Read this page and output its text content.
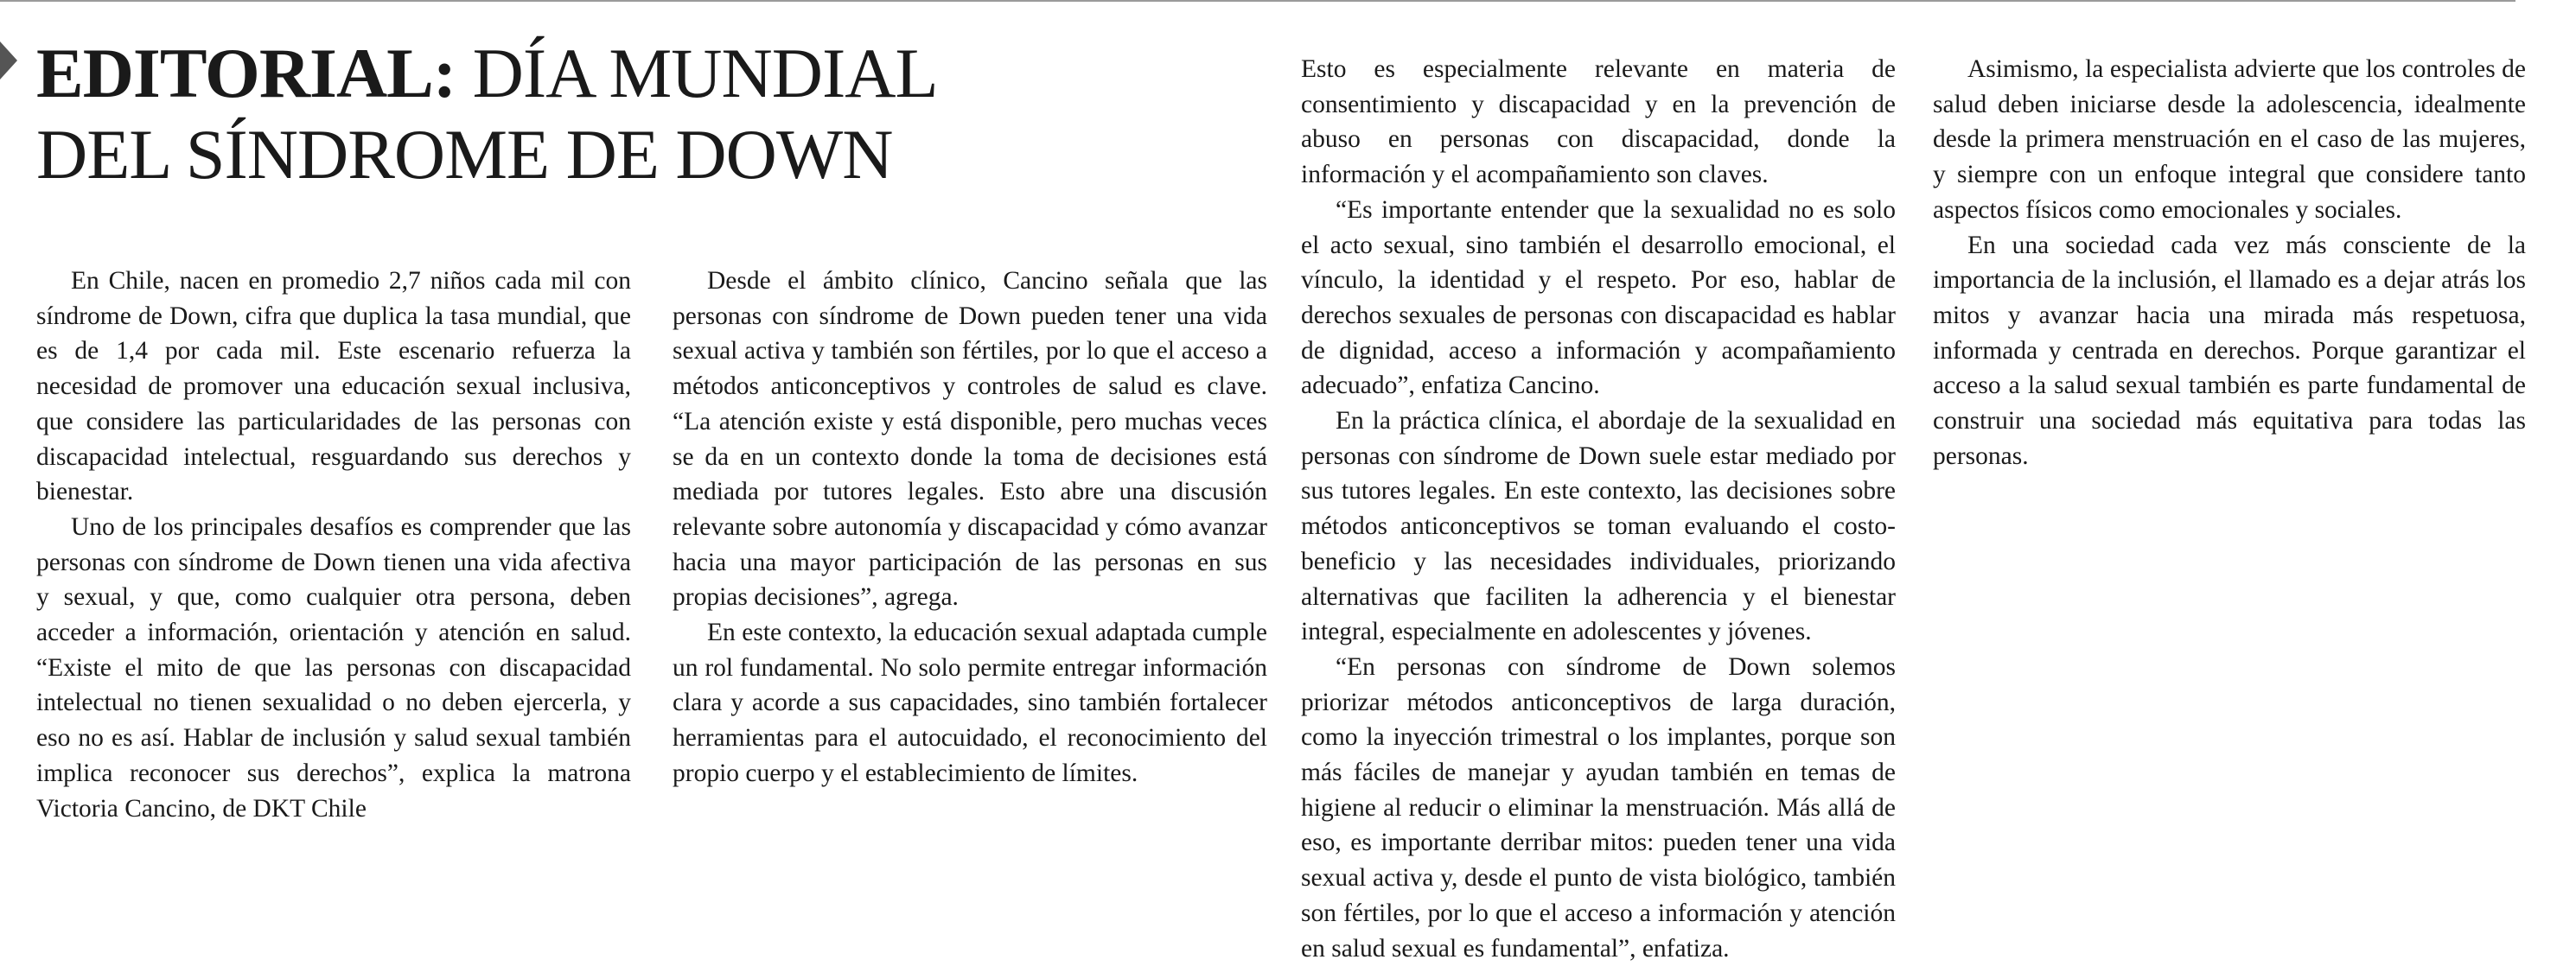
EDITORIAL: DÍA MUNDIAL
DEL SÍNDROME DE DOWN

En Chile, nacen en promedio 2,7 niños cada mil con síndrome de Down, cifra que duplica la tasa mundial, que es de 1,4 por cada mil. Este escenario refuerza la necesidad de promover una educación sexual inclusiva, que considere las particularidades de las personas con discapacidad intelectual, resguardando sus derechos y bienestar.

Uno de los principales desafíos es comprender que las personas con síndrome de Down tienen una vida afectiva y sexual, y que, como cualquier otra persona, deben acceder a información, orientación y atención en salud. “Existe el mito de que las personas con discapacidad intelectual no tienen sexualidad o no deben ejercerla, y eso no es así. Hablar de inclusión y salud sexual también implica reconocer sus derechos”, explica la matrona Victoria Cancino, de DKT Chile

Desde el ámbito clínico, Cancino señala que las personas con síndrome de Down pueden tener una vida sexual activa y también son fértiles, por lo que el acceso a métodos anticonceptivos y controles de salud es clave. “La atención existe y está disponible, pero muchas veces se da en un contexto donde la toma de decisiones está mediada por tutores legales. Esto abre una discusión relevante sobre autonomía y discapacidad y cómo avanzar hacia una mayor participación de las personas en sus propias decisiones”, agrega.

En este contexto, la educación sexual adaptada cumple un rol fundamental. No solo permite entregar información clara y acorde a sus capacidades, sino también fortalecer herramientas para el autocuidado, el reconocimiento del propio cuerpo y el establecimiento de límites.

Esto es especialmente relevante en materia de consentimiento y discapacidad y en la prevención de abuso en personas con discapacidad, donde la información y el acompañamiento son claves.

“Es importante entender que la sexualidad no es solo el acto sexual, sino también el desarrollo emocional, el vínculo, la identidad y el respeto. Por eso, hablar de derechos sexuales de personas con discapacidad es hablar de dignidad, acceso a información y acompañamiento adecuado”, enfatiza Cancino.

En la práctica clínica, el abordaje de la sexualidad en personas con síndrome de Down suele estar mediado por sus tutores legales. En este contexto, las decisiones sobre métodos anticonceptivos se toman evaluando el costo-beneficio y las necesidades individuales, priorizando alternativas que faciliten la adherencia y el bienestar integral, especialmente en adolescentes y jóvenes.

“En personas con síndrome de Down solemos priorizar métodos anticonceptivos de larga duración, como la inyección trimestral o los implantes, porque son más fáciles de manejar y ayudan también en temas de higiene al reducir o eliminar la menstruación. Más allá de eso, es importante derribar mitos: pueden tener una vida sexual activa y, desde el punto de vista biológico, también son fértiles, por lo que el acceso a información y atención en salud sexual es fundamental”, enfatiza.

Asimismo, la especialista advierte que los controles de salud deben iniciarse desde la adolescencia, idealmente desde la primera menstruación en el caso de las mujeres, y siempre con un enfoque integral que considere tanto aspectos físicos como emocionales y sociales.

En una sociedad cada vez más consciente de la importancia de la inclusión, el llamado es a dejar atrás los mitos y avanzar hacia una mirada más respetuosa, informada y centrada en derechos. Porque garantizar el acceso a la salud sexual también es parte fundamental de construir una sociedad más equitativa para todas las personas.
